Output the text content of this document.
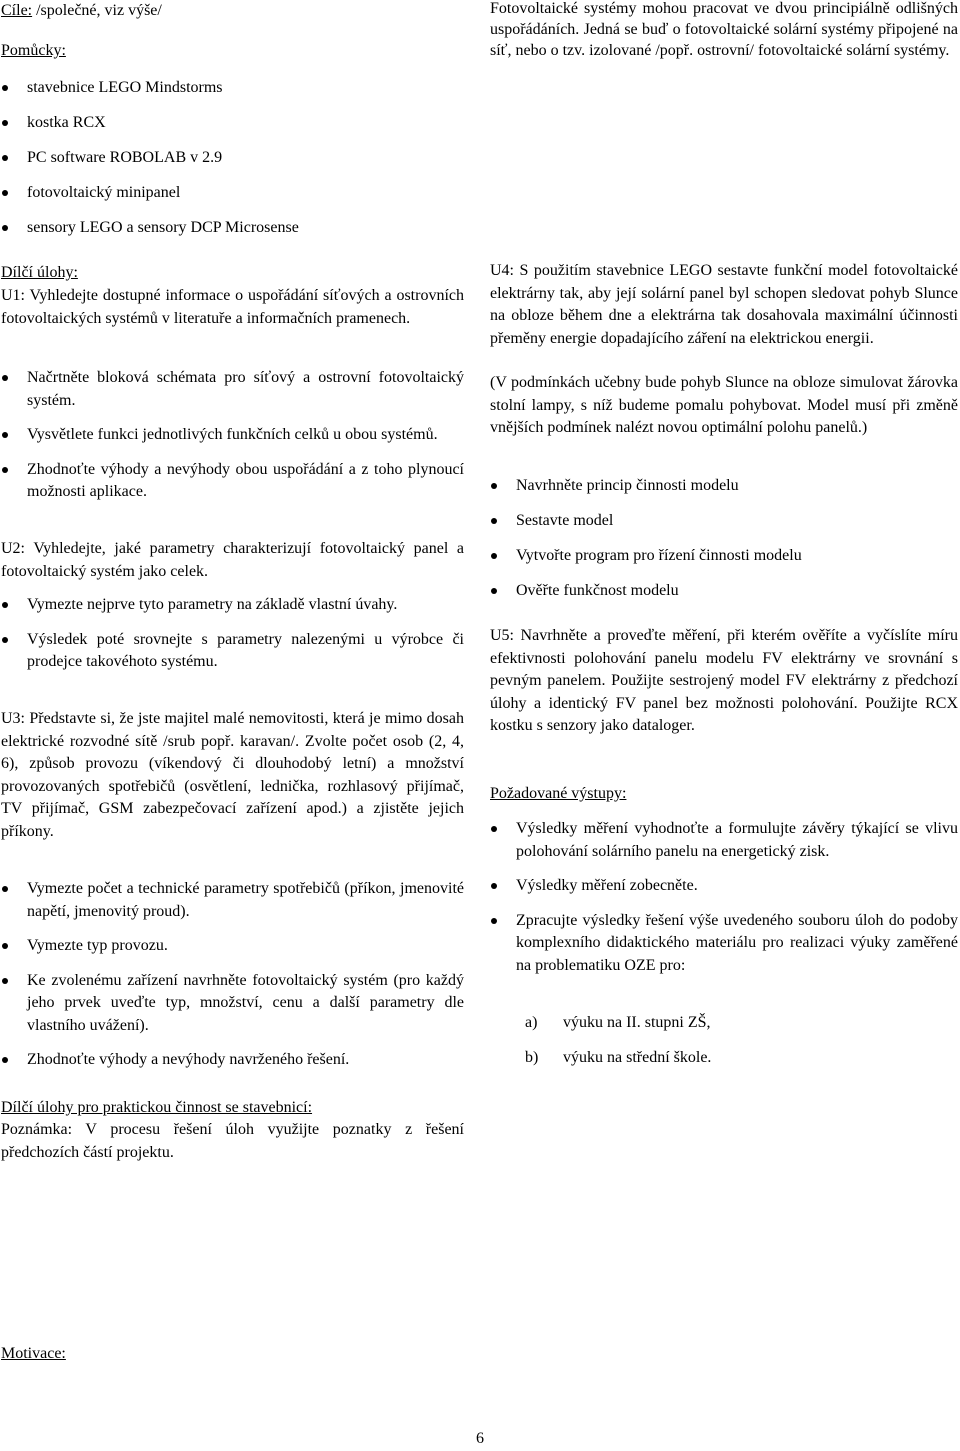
Cíle: /společné, viz výše/

Pomůcky:

stavebnice LEGO Mindstorms
kostka RCX
PC software ROBOLAB v 2.9
fotovoltaický minipanel
sensory LEGO a sensory DCP Microsense

Dílčí úlohy:

U1: Vyhledejte dostupné informace o uspořádání síťových a ostrovních fotovoltaických systémů v literatuře a informačních pramenech.

Načrtněte bloková schémata pro síťový a ostrovní fotovoltaický systém.
Vysvětlete funkci jednotlivých funkčních celků u obou systémů.
Zhodnoťte výhody a nevýhody obou uspořádání a z toho plynoucí možnosti aplikace.

U2: Vyhledejte, jaké parametry charakterizují fotovoltaický panel a fotovoltaický systém jako celek.

Vymezte nejprve tyto parametry na základě vlastní úvahy.
Výsledek poté srovnejte s parametry nalezenými u výrobce či prodejce takovéhoto systému.

U3: Představte si, že jste majitel malé nemovitosti, která je mimo dosah elektrické rozvodné sítě /srub popř. karavan/. Zvolte počet osob (2, 4, 6), způsob provozu (víkendový či dlouhodobý letní) a množství provozovaných spotřebičů (osvětlení, lednička, rozhlasový přijímač, TV přijímač, GSM zabezpečovací zařízení apod.) a zjistěte jejich příkony.

Vymezte počet a technické parametry spotřebičů (příkon, jmenovité napětí, jmenovitý proud).
Vymezte typ provozu.
Ke zvolenému zařízení navrhněte fotovoltaický systém (pro každý jeho prvek uveďte typ, množství, cenu a další parametry dle vlastního uvážení).
Zhodnoťte výhody a nevýhody navrženého řešení.

Dílčí úlohy pro praktickou činnost se stavebnicí:

Poznámka: V procesu řešení úloh využijte poznatky z řešení předchozích částí projektu.

Motivace:

Fotovoltaické systémy mohou pracovat ve dvou principiálně odlišných uspořádáních. Jedná se buď o fotovoltaické solární systémy připojené na síť, nebo o tzv. izolované /popř. ostrovní/ fotovoltaické solární systémy.

U4: S použitím stavebnice LEGO sestavte funkční model fotovoltaické elektrárny tak, aby její solární panel byl schopen sledovat pohyb Slunce na obloze během dne a elektrárna tak dosahovala maximální účinnosti přeměny energie dopadajícího záření na elektrickou energii.

(V podmínkách učebny bude pohyb Slunce na obloze simulovat žárovka stolní lampy, s níž budeme pomalu pohybovat. Model musí při změně vnějších podmínek nalézt novou optimální polohu panelů.)

Navrhněte princip činnosti modelu
Sestavte model
Vytvořte program pro řízení činnosti modelu
Ověřte funkčnost modelu

U5: Navrhněte a proveďte měření, při kterém ověříte a vyčíslíte míru efektivnosti polohování panelu modelu FV elektrárny ve srovnání s pevným panelem. Použijte sestrojený model FV elektrárny z předchozí úlohy a identický FV panel bez možnosti polohování. Použijte RCX kostku s senzory jako dataloger.

Požadované výstupy:

Výsledky měření vyhodnoťte a formulujte závěry týkající se vlivu polohování solárního panelu na energetický zisk.
Výsledky měření zobecněte.
Zpracujte výsledky řešení výše uvedeného souboru úloh do podoby komplexního didaktického materiálu pro realizaci výuky zaměřené na problematiku OZE pro:
a) výuku na II. stupni ZŠ,
b) výuku na střední škole.
6
